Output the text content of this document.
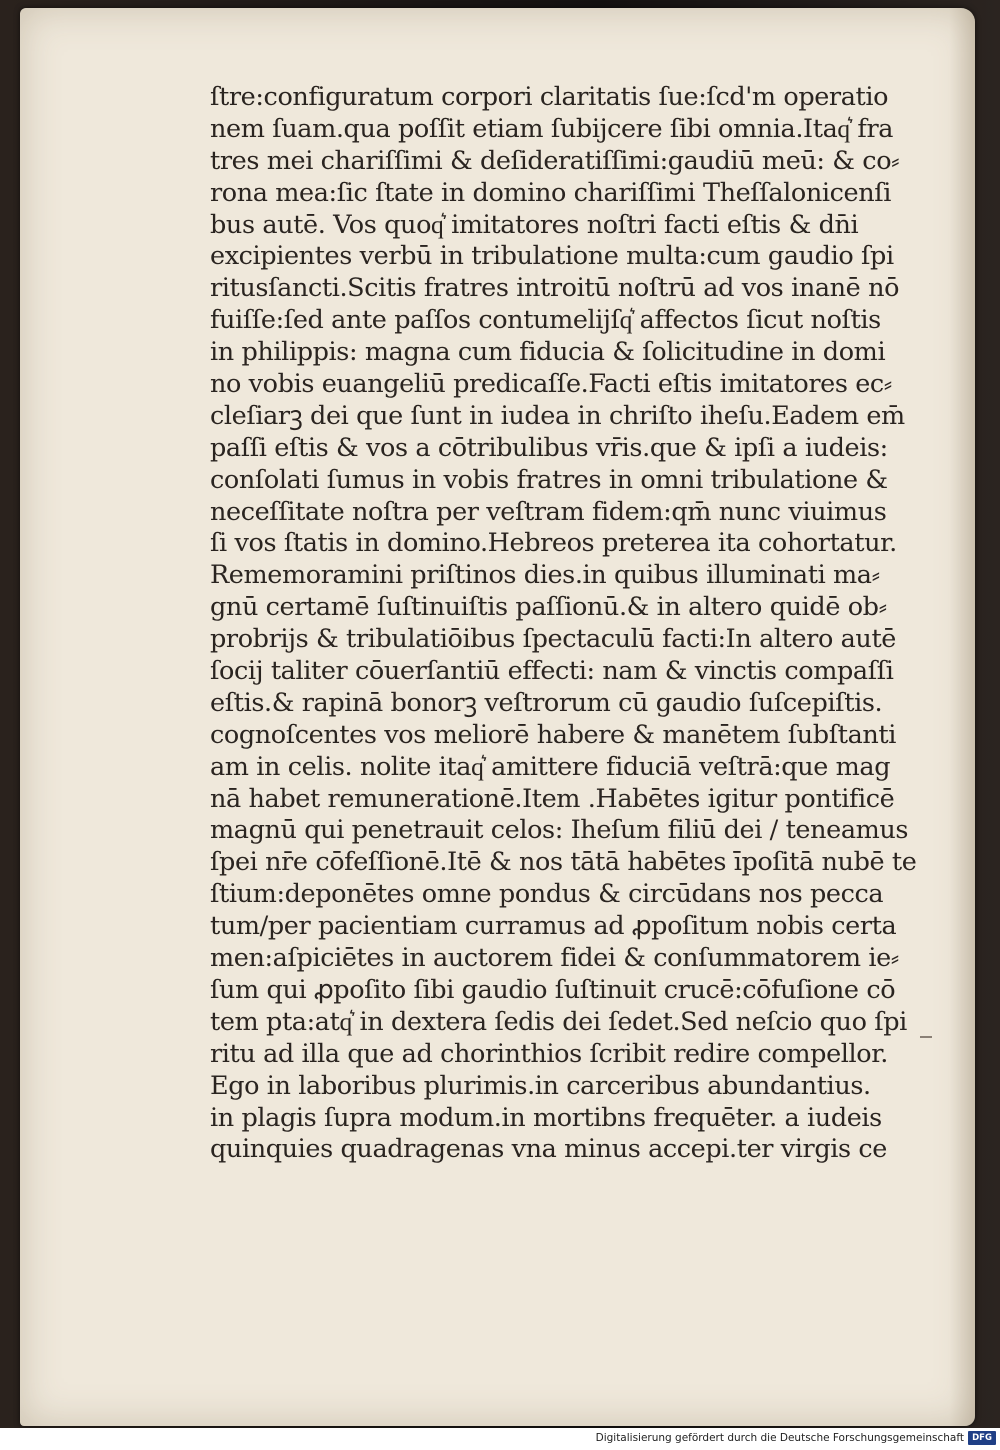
ſtre:configuratum corpori claritatis ſue:ſcd'm operatio
nem ſuam.qua poſſit etiam ſubijcere ſibi omnia.Itaq͛ fra
tres mei chariſſimi & deſideratiſſimi:gaudiū meū: & co⸗
rona mea:ſic ſtate in domino chariſſimi Theſſalonicenſi
bus autē. Vos quoq͛ imitatores noſtri facti eſtis & dn̄i
excipientes verbū in tribulatione multa:cum gaudio ſpi
ritusſancti.Scitis fratres introitū noſtrū ad vos inanē nō
fuiſſe:ſed ante paſſos contumelijſq͛ affectos ſicut noſtis
in philippis: magna cum fiducia & ſolicitudine in domi
no vobis euangeliū predicaſſe.Facti eſtis imitatores ec⸗
cleſiarꝫ dei que ſunt in iudea in chriſto iheſu.Eadem em̄
paſſi eſtis & vos a cōtribulibus vr̄is.que & ipſi a iudeis:
conſolati ſumus in vobis fratres in omni tribulatione &
neceſſitate noſtra per veſtram fidem:qm̄ nunc viuimus
ſi vos ſtatis in domino.Hebreos preterea ita cohortatur.
Rememoramini priſtinos dies.in quibus illuminati ma⸗
gnū certamē ſuſtinuiſtis paſſionū.& in altero quidē ob⸗
probrijs & tribulatiōibus ſpectaculū facti:In altero autē
ſocij taliter cōuerſantiū effecti: nam & vinctis compaſſi
eſtis.& rapinā bonorꝫ veſtrorum cū gaudio ſuſcepiſtis.
cognoſcentes vos meliorē habere & manētem ſubſtanti
am in celis. nolite itaq͛ amittere fiduciā veſtrā:que mag
nā habet remunerationē.Item .Habētes igitur pontificē
magnū qui penetrauit celos: Iheſum filiū dei / teneamus
ſpei nr̄e cōfeſſionē.Itē & nos tātā habētes īpoſitā nubē te
ſtium:deponētes omne pondus & circūdans nos pecca
tum/per pacientiam curramus ad ꝓpoſitum nobis certa
men:aſpiciētes in auctorem fidei & conſummatorem ie⸗
ſum qui ꝓpoſito ſibi gaudio ſuſtinuit crucē:cōfuſione cō
tem pta:atq͛ in dextera ſedis dei ſedet.Sed neſcio quo ſpi
ritu ad illa que ad chorinthios ſcribit redire compellor.
Ego in laboribus plurimis.in carceribus abundantius.
in plagis ſupra modum.in mortibns frequēter. a iudeis
quinquies quadragenas vna minus accepi.ter virgis ce
Digitalisierung gefördert durch die Deutsche Forschungsgemeinschaft DFG
